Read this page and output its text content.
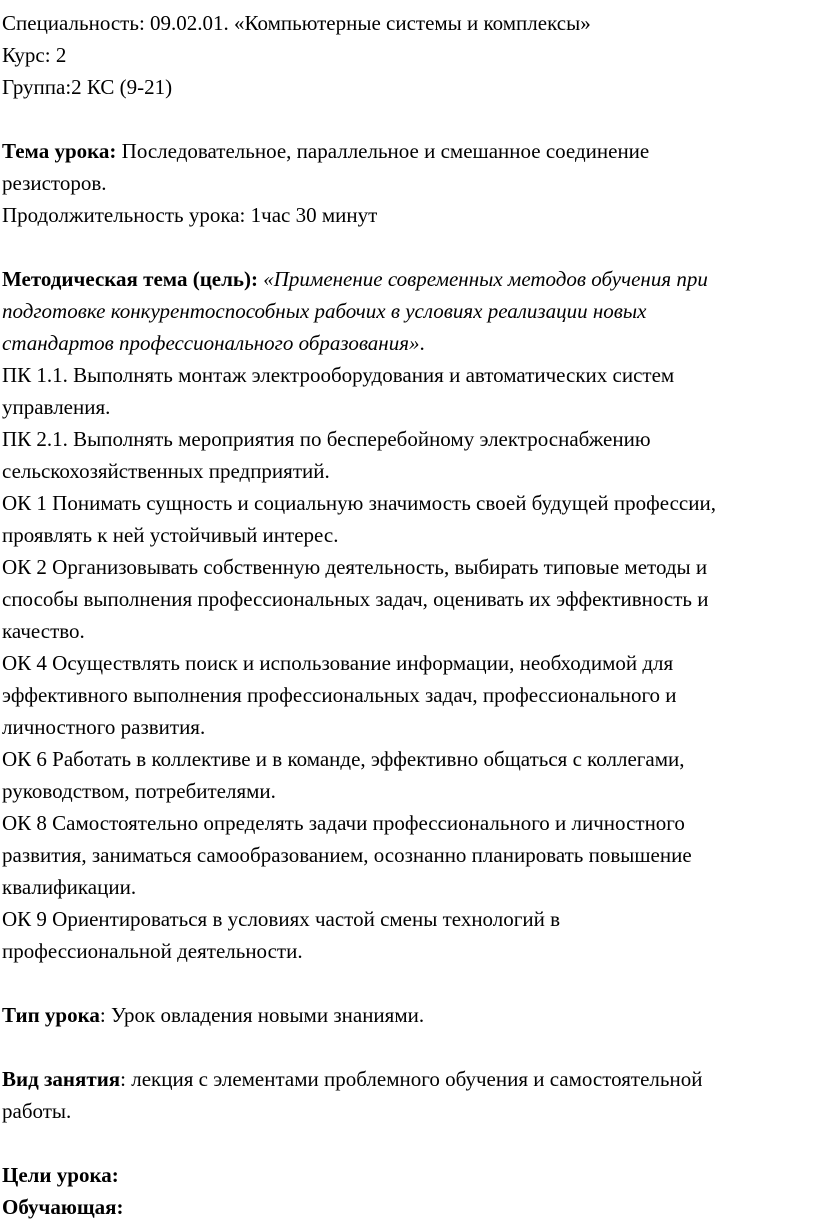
Специальность: 09.02.01. «Компьютерные системы и комплексы»
Курс: 2
Группа:2 КС (9-21)
Тема урока: Последовательное, параллельное и смешанное соединение
резисторов.
Продолжительность урока: 1час 30 минут
Методическая тема (цель): «Применение современных методов обучения при
подготовке конкурентоспособных рабочих в условиях реализации новых
стандартов профессионального образования».
ПК 1.1. Выполнять монтаж электрооборудования и автоматических систем
управления.
ПК 2.1. Выполнять мероприятия по бесперебойному электроснабжению
сельскохозяйственных предприятий.
ОК 1 Понимать сущность и социальную значимость своей будущей профессии,
проявлять к ней устойчивый интерес.
ОК 2 Организовывать собственную деятельность, выбирать типовые методы и
способы выполнения профессиональных задач, оценивать их эффективность и
качество.
ОК 4 Осуществлять поиск и использование информации, необходимой для
эффективного выполнения профессиональных задач, профессионального и
личностного развития.
ОК 6 Работать в коллективе и в команде, эффективно общаться с коллегами,
руководством, потребителями.
ОК 8 Самостоятельно определять задачи профессионального и личностного
развития, заниматься самообразованием, осознанно планировать повышение
квалификации.
ОК 9 Ориентироваться в условиях частой смены технологий в
профессиональной деятельности.
Тип урока: Урок овладения новыми знаниями.
Вид занятия: лекция с элементами проблемного обучения и самостоятельной
работы.
Цели урока:
Обучающая:
